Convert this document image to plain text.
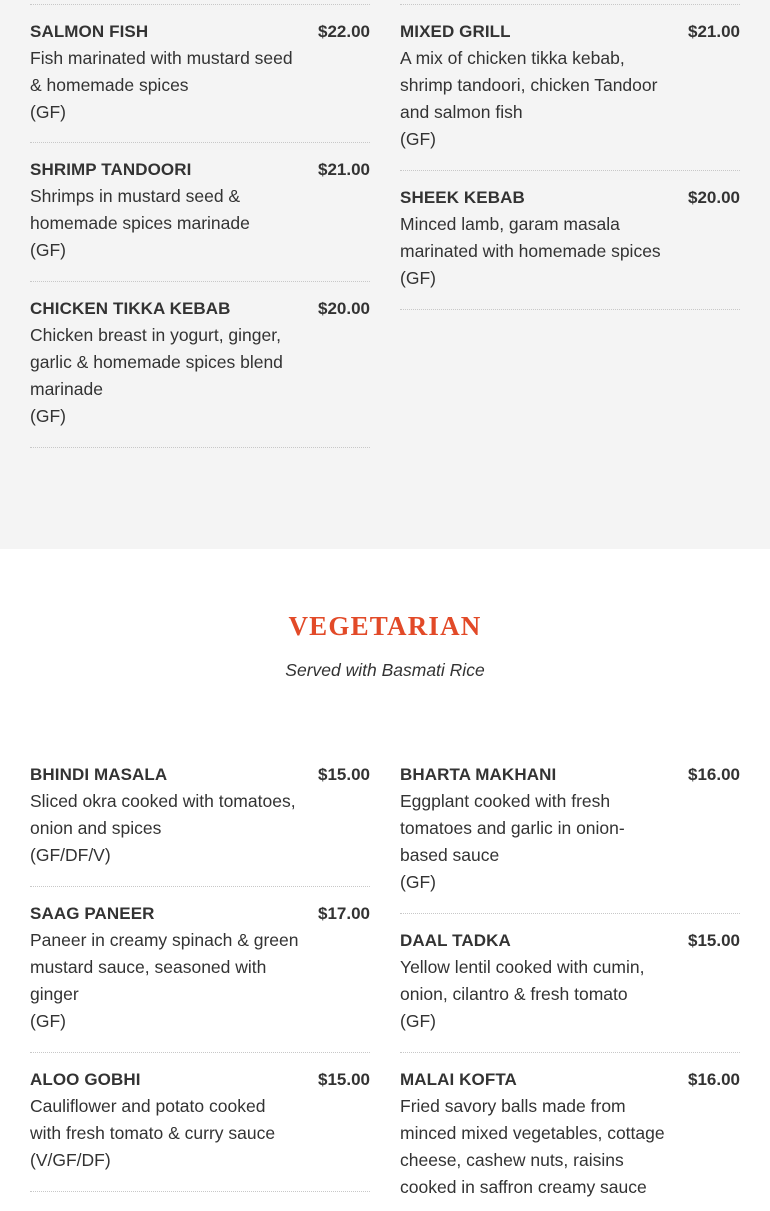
SALMON FISH	$22.00
Fish marinated with mustard seed & homemade spices
(GF)
SHRIMP TANDOORI	$21.00
Shrimps in mustard seed & homemade spices marinade
(GF)
CHICKEN TIKKA KEBAB	$20.00
Chicken breast in yogurt, ginger, garlic & homemade spices blend marinade
(GF)
MIXED GRILL	$21.00
A mix of chicken tikka kebab, shrimp tandoori, chicken Tandoor and salmon fish
(GF)
SHEEK KEBAB	$20.00
Minced lamb, garam masala marinated with homemade spices
(GF)
VEGETARIAN
Served with Basmati Rice
BHINDI MASALA	$15.00
Sliced okra cooked with tomatoes, onion and spices
(GF/DF/V)
SAAG PANEER	$17.00
Paneer in creamy spinach & green mustard sauce, seasoned with ginger
(GF)
ALOO GOBHI	$15.00
Cauliflower and potato cooked with fresh tomato & curry sauce
(V/GF/DF)
BHARTA MAKHANI	$16.00
Eggplant cooked with fresh tomatoes and garlic in onion-based sauce
(GF)
DAAL TADKA	$15.00
Yellow lentil cooked with cumin, onion, cilantro & fresh tomato
(GF)
MALAI KOFTA	$16.00
Fried savory balls made from minced mixed vegetables, cottage cheese, cashew nuts, raisins cooked in saffron creamy sauce
